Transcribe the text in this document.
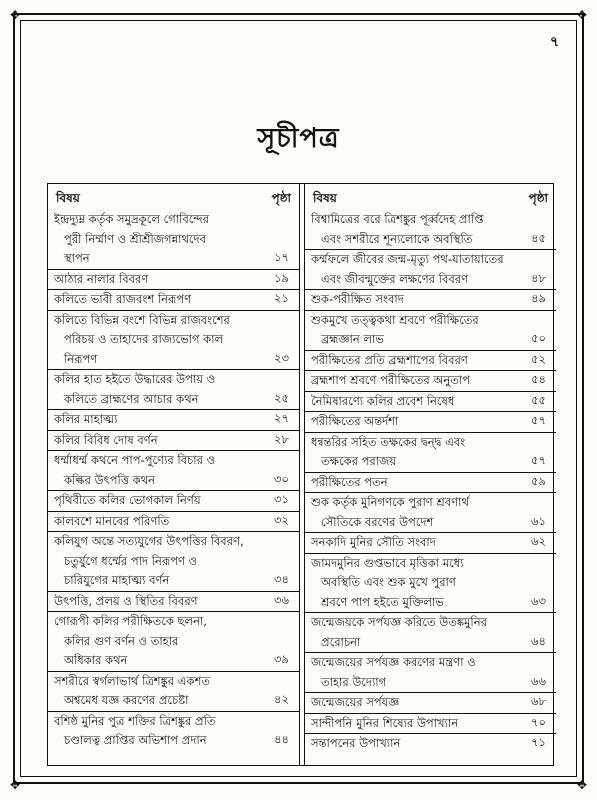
✥	✥
✥	✥
৭
সূচীপত্র
বিষয়	পৃষ্ঠা
ইন্দ্রদ্যুম্ন কর্তৃক সমুদ্রকূলে গোবিন্দের
পুরী নির্ম্মাণ ও শ্রীশ্রীজগন্নাথদেব
স্থাপন	১৭
আঠার নালার বিবরণ	১৯
কলিতে ভাবী রাজবংশ নিরূপণ	২১
কলিতে বিভিন্ন বংশে বিভিন্ন রাজবংশের
পরিচয় ও তাহাদের রাজ্যভোগ কাল
নিরূপণ	২৩
কলির হাত হইতে উদ্ধারের উপায় ও
কলিতে ব্রাহ্মণের আচার কথন	২৫
কলির মাহাত্ম্য	২৭
কলির বিবিধ দোষ বর্ণন	২৮
ধর্ম্মাধর্ম্ম কথনে পাপ-পুণ্যের বিচার ও
কল্কির উৎপত্তি কথন	৩০
পৃথিবীতে কলির ভোগকাল নির্ণয়	৩১
কালবশে মানবের পরিণতি	৩২
কলিযুগ অন্তে সত্যযুগের উৎপত্তির বিবরণ,
চতুর্যুগে ধর্ম্মের পাদ নিরূপণ ও
চারিযুগের মাহাত্ম্য বর্ণন	৩৪
উৎপত্তি, প্রলয় ও স্থিতির বিবরণ	৩৬
গোরূপী কলির পরীক্ষিতকে ছলনা,
কলির গুণ বর্ণন ও তাহার
অধিকার কথন	৩৯
সশরীরে স্বর্গলাভার্থ ত্রিশঙ্কুর একশত
অশ্বমেধ যজ্ঞ করণের প্রচেষ্টা	৪২
বশিষ্ঠ মুনির পুত্র শক্তির ত্রিশঙ্কুর প্রতি
চণ্ডালত্ব প্রাপ্তির অভিশাপ প্রদান	৪৪
বিষয়	পৃষ্ঠা
বিশ্বামিত্রের বরে ত্রিশঙ্কুর পূর্ব্বদেহ প্রাপ্তি
এবং সশরীরে শূন্যলোকে অবস্থিতি	৪৫
কর্ম্মফলে জীবের জন্ম-মৃত্যু পথ-যাতায়াতের
এবং জীবন্মুক্তের লক্ষণের বিবরণ	৪৮
শুক-পরীক্ষিত সংবাদ	৪৯
শুকমুখে তত্ত্বকথা শ্রবণে পরীক্ষিতের
ব্রহ্মজ্ঞান লাভ	৫০
পরীক্ষিতের প্রতি ব্রহ্মশাপের বিবরণ	৫২
ব্রহ্মশাপ শ্রবণে পরীক্ষিতের অনুতাপ	৫৪
নৈমিষারণ্যে কলির প্রবেশ নিষেধ	৫৫
পরীক্ষিতের অন্তর্দশা	৫৭
ধন্বন্তরির সহিত তক্ষকের দ্বন্দ্ব এবং
তক্ষকের পরাজয়	৫৭
পরীক্ষিতের পতন	৫৯
শুক কর্তৃক মুনিগণকে পুরাণ শ্রবণার্থ
সৌতিকে বরণের উপদেশ	৬১
সনকাদি মুনির সৌতি সংবাদ	৬২
জামদমুনির গুপ্তভাবে মৃত্তিকা মধ্যে
অবস্থিতি এবং শুক মুখে পুরাণ
শ্রবণে পাপ হইতে মুক্তিলাভ	৬৩
জন্মেজয়কে সর্পযজ্ঞ করিতে উতঙ্কমুনির
প্ররোচনা	৬৪
জন্মেজয়ের সর্পযজ্ঞ করণের মন্ত্রণা ও
তাহার উদ্যোগ	৬৬
জন্মেজয়ের সর্পযজ্ঞ	৬৮
সান্দীপনি মুনির শিষ্যের উপাখ্যান	৭০
সন্তাপনের উপাখ্যান	৭১
